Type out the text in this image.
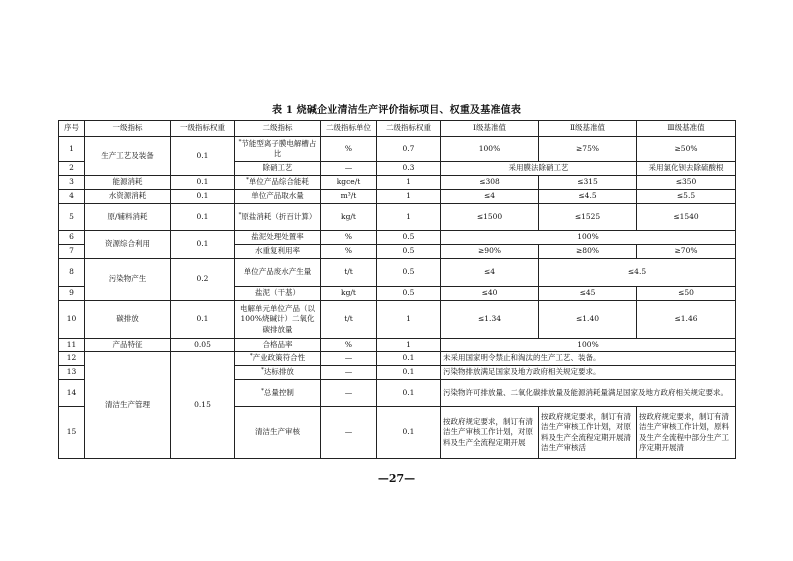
表 1 烧碱企业清洁生产评价指标项目、权重及基准值表
序号	一级指标	一级指标权重	二级指标	二级指标单位	二级指标权重	Ⅰ级基准值	Ⅱ级基准值	Ⅲ级基准值
1	生产工艺及装备	0.1	*节能型离子膜电解槽占比	%	0.7	100%	≥75%	≥50%
2			除硝工艺	—	0.3	采用膜法除硝工艺		采用氯化钡去除硫酸根
3	能源消耗	0.1	*单位产品综合能耗	kgce/t	1	≤308	≤315	≤350
4	水资源消耗	0.1	单位产品取水量	m³/t	1	≤4	≤4.5	≤5.5
5	原/辅料消耗	0.1	*原盐消耗（折百计算）	kg/t	1	≤1500	≤1525	≤1540
6	资源综合利用	0.1	盐泥处理处置率	%	0.5	100%		
7			水重复利用率	%	0.5	≥90%	≥80%	≥70%
8	污染物产生	0.2	单位产品废水产生量	t/t	0.5	≤4	≤4.5	
9			盐泥（干基）	kg/t	0.5	≤40	≤45	≤50
10	碳排放	0.1	电解单元单位产品（以100%烧碱计）二氧化碳排放量	t/t	1	≤1.34	≤1.40	≤1.46
11	产品特征	0.05	合格品率	%	1	100%		
12	清洁生产管理	0.15	*产业政策符合性	—	0.1	未采用国家明令禁止和淘汰的生产工艺、装备。		
13			*达标排放	—	0.1	污染物排放满足国家及地方政府相关规定要求。		
14			*总量控制	—	0.1	污染物许可排放量、二氧化碳排放量及能源消耗量满足国家及地方政府相关规定要求。		
15			清洁生产审核	—	0.1	按政府规定要求，制订有清洁生产审核工作计划，对原料及生产全流程定期开展	按政府规定要求，制订有清洁生产审核工作计划，对原料及生产全流程定期开展清洁生产审核活	按政府规定要求，制订有清洁生产审核工作计划，原料及生产全流程中部分生产工序定期开展清
—27—
